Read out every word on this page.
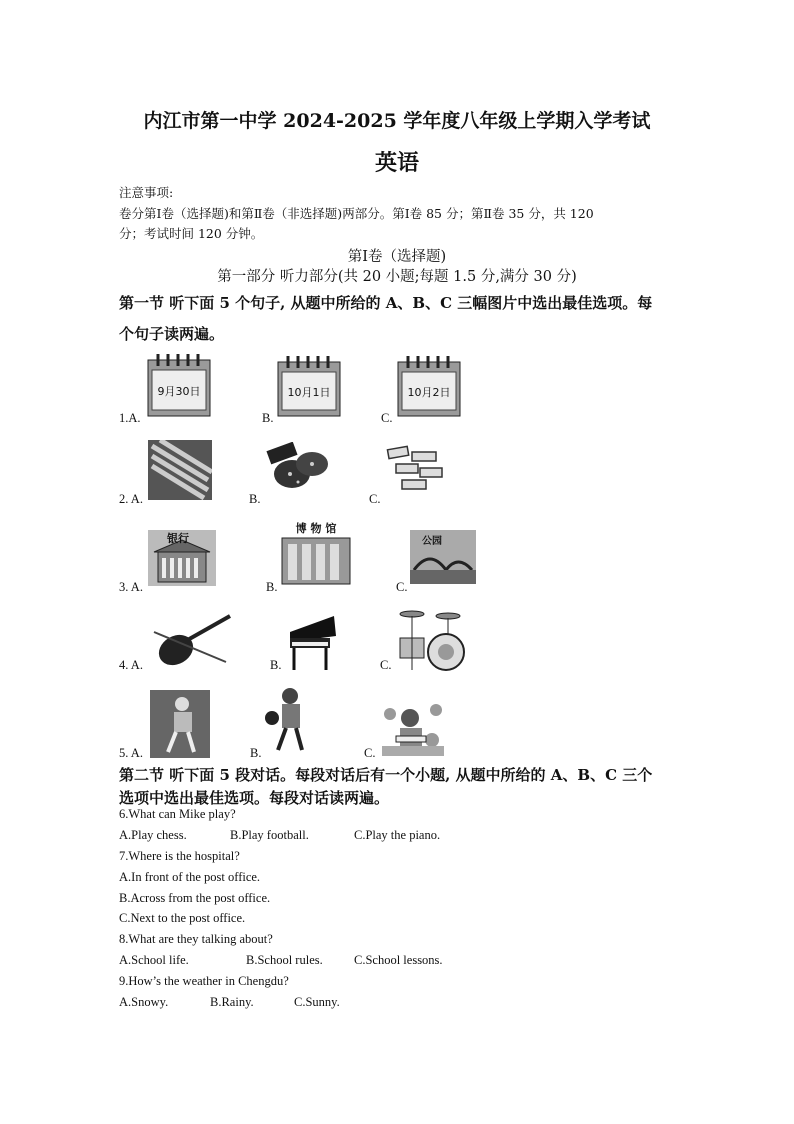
内江市第一中学 2024-2025 学年度八年级上学期入学考试
英语
注意事项:
卷分第Ⅰ卷（选择题)和第Ⅱ卷（非选择题)两部分。第Ⅰ卷 85 分；第Ⅱ卷 35 分，共 120
分；考试时间 120 分钟。
第Ⅰ卷（选择题)
第一部分 听力部分(共 20 小题;每题 1.5 分,满分 30 分)
第一节 听下面 5 个句子, 从题中所给的 A、B、C 三幅图片中选出最佳选项。每
个句子读两遍。
1.A.	B.	C.
9月30日	10月1日	10月2日
2. A.	B.	C.
3. A.	B.	C.
银行
博 物 馆
公园
4. A.	B.	C.
5. A.	B.	C.
第二节 听下面 5 段对话。每段对话后有一个小题, 从题中所给的 A、B、C 三个
选项中选出最佳选项。每段对话读两遍。
6.What can Mike play?
A.Play chess.	B.Play football.	C.Play the piano.
7.Where is the hospital?
A.In front of the post office.
B.Across from the post office.
C.Next to the post office.
8.What are they talking about?
A.School life.	B.School rules.	C.School lessons.
9.How’s the weather in Chengdu?
A.Snowy.	B.Rainy.	C.Sunny.
